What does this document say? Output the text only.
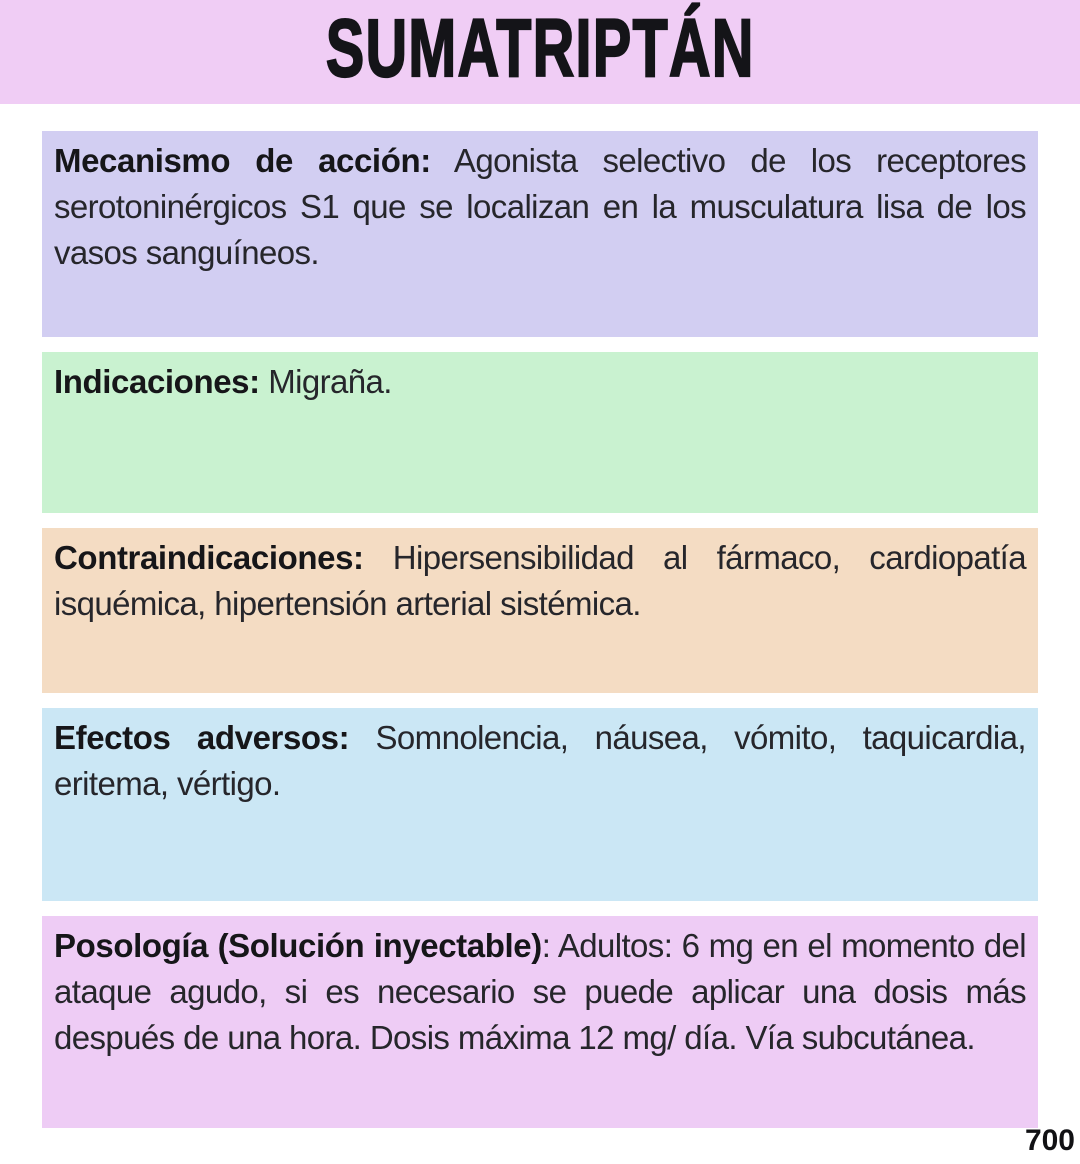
SUMATRIPTÁN

Mecanismo de acción: Agonista selectivo de los receptores serotoninérgicos S1 que se localizan en la musculatura lisa de los vasos sanguíneos.

Indicaciones: Migraña.

Contraindicaciones: Hipersensibilidad al fármaco, cardiopatía isquémica, hipertensión arterial sistémica.

Efectos adversos: Somnolencia, náusea, vómito, taquicardia, eritema, vértigo.

Posología (Solución inyectable): Adultos: 6 mg en el momento del ataque agudo, si es necesario se puede aplicar una dosis más después de una hora. Dosis máxima 12 mg/ día. Vía subcutánea.

700
